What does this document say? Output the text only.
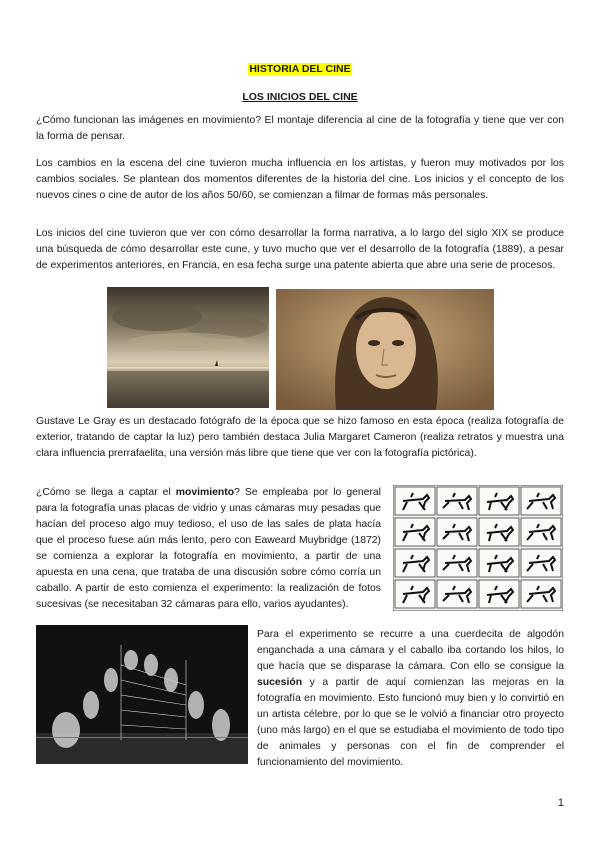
HISTORIA DEL CINE
LOS INICIOS DEL CINE

¿Cómo funcionan las imágenes en movimiento? El montaje diferencia al cine de la fotografía y tiene que ver con la forma de pensar.

Los cambios en la escena del cine tuvieron mucha influencia en los artistas, y fueron muy motivados por los cambios sociales. Se plantean dos momentos diferentes de la historia del cine. Los inicios y el concepto de los nuevos cines o cine de autor de los años 50/60, se comienzan a filmar de formas más personales.

Los inicios del cine tuvieron que ver con cómo desarrollar la forma narrativa, a lo largo del siglo XIX se produce una búsqueda de cómo desarrollar este cune, y tuvo mucho que ver el desarrollo de la fotografía (1889), a pesar de experimentos anteriores, en Francia, en esa fecha surge una patente abierta que abre una serie de procesos.

Gustave Le Gray es un destacado fotógrafo de la época que se hizo famoso en esta época (realiza fotografía de exterior, tratando de captar la luz) pero también destaca Julia Margaret Cameron (realiza retratos y muestra una clara influencia prerrafaelita, una versión más libre que tiene que ver con la fotografía pictórica).

¿Cómo se llega a captar el movimiento? Se empleaba por lo general para la fotografía unas placas de vidrio y unas cámaras muy pesadas que hacían del proceso algo muy tedioso, el uso de las sales de plata hacía que el proceso fuese aún más lento, pero con Eaweard Muybridge (1872) se comienza a explorar la fotografía en movimiento, a partir de una apuesta en una cena, que trataba de una discusión sobre cómo corría un caballo. A partir de esto comienza el experimento: la realización de fotos sucesivas (se necesitaban 32 cámaras para ello, varios ayudantes).

Para el experimento se recurre a una cuerdecita de algodón enganchada a una cámara y el caballo iba cortando los hilos, lo que hacía que se disparase la cámara. Con ello se consigue la sucesión y a partir de aquí comienzan las mejoras en la fotografía en movimiento. Esto funcionó muy bien y lo convirtió en un artista célebre, por lo que se le volvió a financiar otro proyecto (uno más largo) en el que se estudiaba el movimiento de todo tipo de animales y personas con el fin de comprender el funcionamiento del movimiento.

1
